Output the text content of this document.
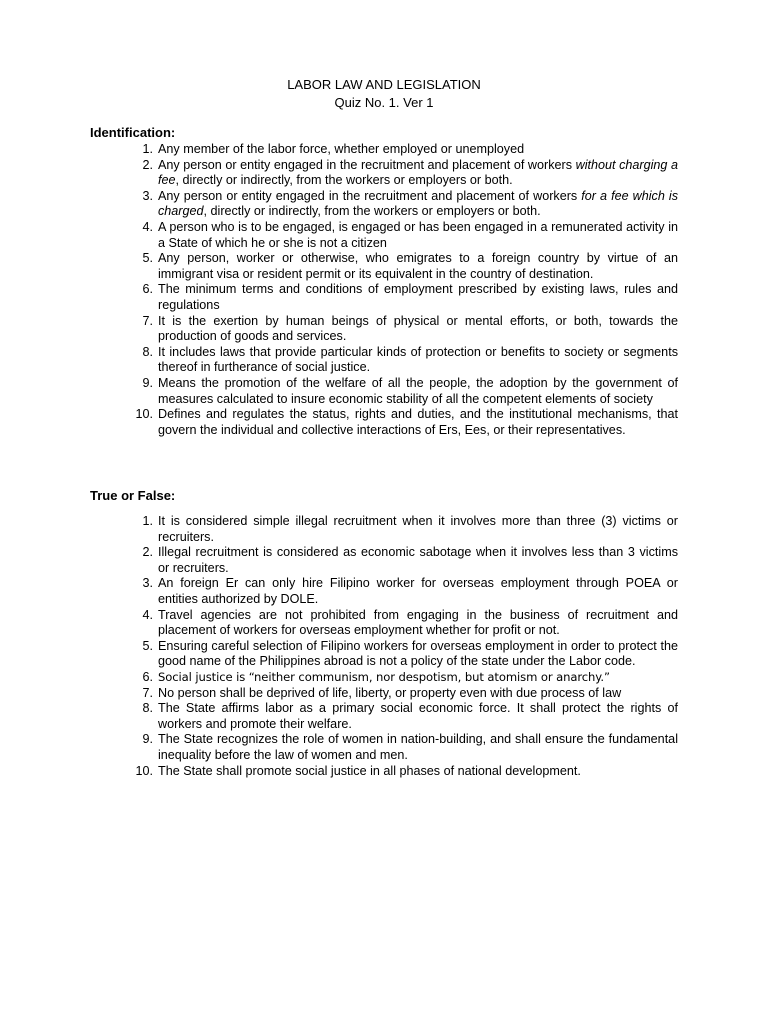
LABOR LAW AND LEGISLATION
Quiz No. 1. Ver 1
Identification:
1. Any member of the labor force, whether employed or unemployed
2. Any person or entity engaged in the recruitment and placement of workers without charging a fee, directly or indirectly, from the workers or employers or both.
3. Any person or entity engaged in the recruitment and placement of workers for a fee which is charged, directly or indirectly, from the workers or employers or both.
4. A person who is to be engaged, is engaged or has been engaged in a remunerated activity in a State of which he or she is not a citizen
5. Any person, worker or otherwise, who emigrates to a foreign country by virtue of an immigrant visa or resident permit or its equivalent in the country of destination.
6. The minimum terms and conditions of employment prescribed by existing laws, rules and regulations
7. It is the exertion by human beings of physical or mental efforts, or both, towards the production of goods and services.
8. It includes laws that provide particular kinds of protection or benefits to society or segments thereof in furtherance of social justice.
9. Means the promotion of the welfare of all the people, the adoption by the government of measures calculated to insure economic stability of all the competent elements of society
10. Defines and regulates the status, rights and duties, and the institutional mechanisms, that govern the individual and collective interactions of Ers, Ees, or their representatives.
True or False:
1. It is considered simple illegal recruitment when it involves more than three (3) victims or recruiters.
2. Illegal recruitment is considered as economic sabotage when it involves less than 3 victims or recruiters.
3. An foreign Er can only hire Filipino worker for overseas employment through POEA or entities authorized by DOLE.
4. Travel agencies are not prohibited from engaging in the business of recruitment and placement of workers for overseas employment whether for profit or not.
5. Ensuring careful selection of Filipino workers for overseas employment in order to protect the good name of the Philippines abroad is not a policy of the state under the Labor code.
6. Social justice is “neither communism, nor despotism, but atomism or anarchy.”
7. No person shall be deprived of life, liberty, or property even with due process of law
8. The State affirms labor as a primary social economic force. It shall protect the rights of workers and promote their welfare.
9. The State recognizes the role of women in nation-building, and shall ensure the fundamental inequality before the law of women and men.
10. The State shall promote social justice in all phases of national development.
